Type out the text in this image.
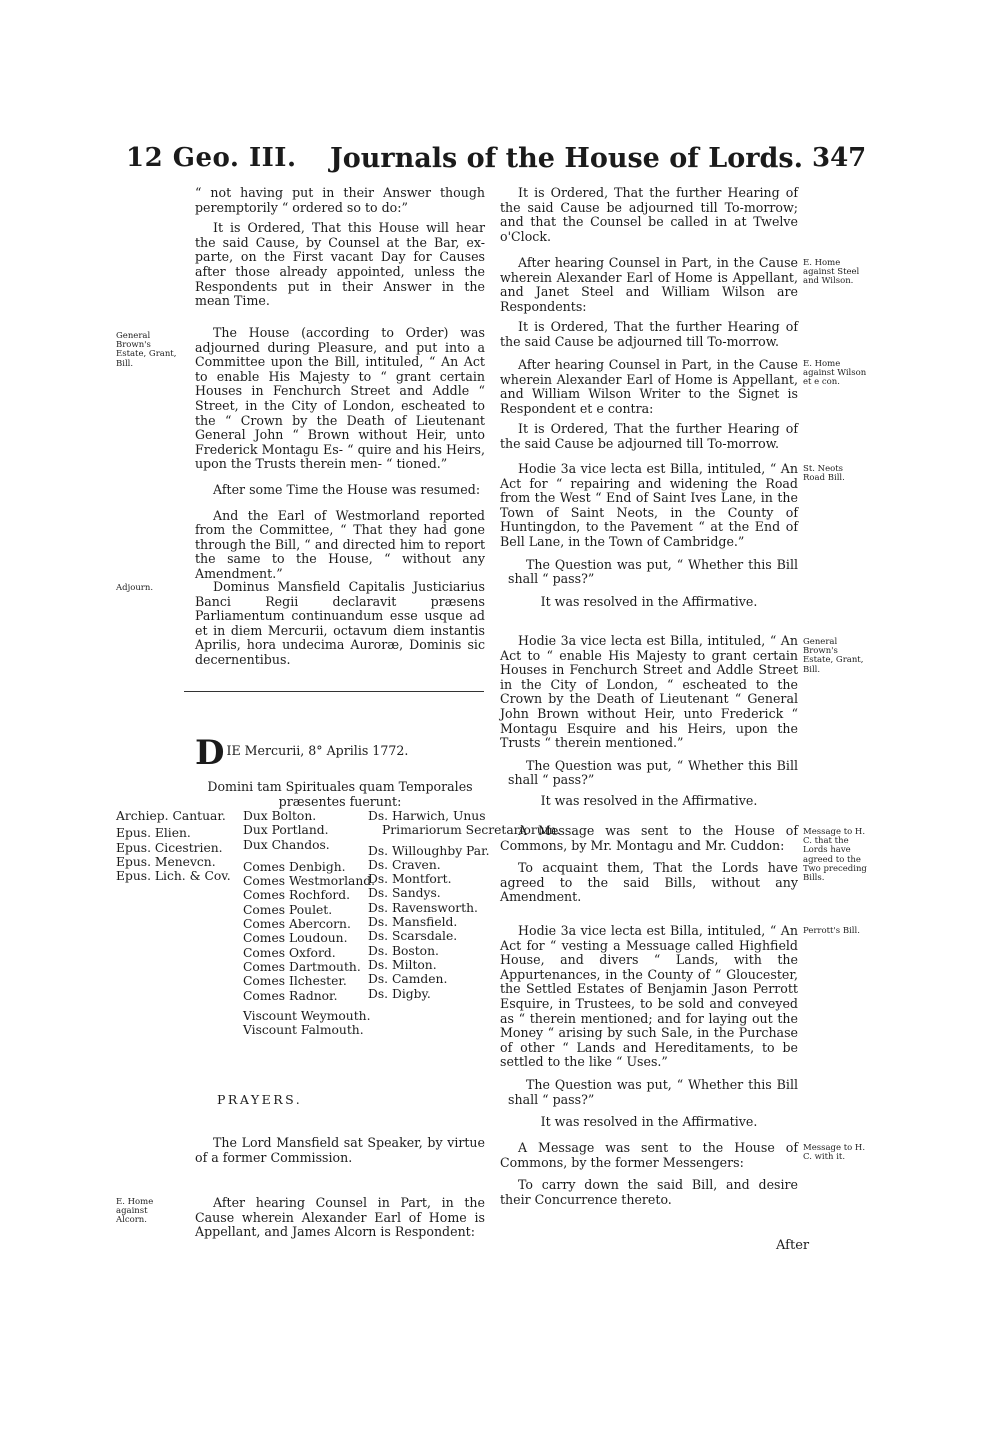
12 Geo. III. Journals of the House of Lords. 347

“ not having put in their Answer though peremptorily “ ordered so to do:”

It is Ordered, That this House will hear the said Cause, by Counsel at the Bar, ex-parte, on the First vacant Day for Causes after those already appointed, unless the Respondents put in their Answer in the mean Time.

The House (according to Order) was adjourned during Pleasure, and put into a Committee upon the Bill, intituled, “ An Act to enable His Majesty to “ grant certain Houses in Fenchurch Street and Addle “ Street, in the City of London, escheated to the “ Crown by the Death of Lieutenant General John “ Brown without Heir, unto Frederick Montagu Es- “ quire and his Heirs, upon the Trusts therein men- “ tioned.”

After some Time the House was resumed:

And the Earl of Westmorland reported from the Committee, “ That they had gone through the Bill, “ and directed him to report the same to the House, “ without any Amendment.”

Dominus Mansfield Capitalis Justiciarius Banci Regii declaravit præsens Parliamentum continuandum esse usque ad et in diem Mercurii, octavum diem instantis Aprilis, hora undecima Auroræ, Dominis sic decernentibus.

D IE Mercurii, 8° Aprilis 1772.

Domini tam Spirituales quam Temporales præsentes fuerunt:

Archiep. Cantuar.
Epus. Elien.
Epus. Cicestrien.
Epus. Menevcn.
Epus. Lich. & Cov.
Dux Bolton.
Dux Portland.
Dux Chandos.
Comes Denbigh.
Comes Westmorland.
Comes Rochford.
Comes Poulet.
Comes Abercorn.
Comes Loudoun.
Comes Oxford.
Comes Dartmouth.
Comes Ilchester.
Comes Radnor.
Viscount Weymouth.
Viscount Falmouth.
Ds. Harwich, Unus
Primariorum Secretariorum.
Ds. Willoughby Par.
Ds. Craven.
Ds. Montfort.
Ds. Sandys.
Ds. Ravensworth.
Ds. Mansfield.
Ds. Scarsdale.
Ds. Boston.
Ds. Milton.
Ds. Camden.
Ds. Digby.
PRAYERS.

The Lord Mansfield sat Speaker, by virtue of a former Commission.

After hearing Counsel in Part, in the Cause wherein Alexander Earl of Home is Appellant, and James Alcorn is Respondent:

It is Ordered, That the further Hearing of the said Cause be adjourned till To-morrow; and that the Counsel be called in at Twelve o'Clock.

After hearing Counsel in Part, in the Cause wherein Alexander Earl of Home is Appellant, and Janet Steel and William Wilson are Respondents:

It is Ordered, That the further Hearing of the said Cause be adjourned till To-morrow.

After hearing Counsel in Part, in the Cause wherein Alexander Earl of Home is Appellant, and William Wilson Writer to the Signet is Respondent et e contra:

It is Ordered, That the further Hearing of the said Cause be adjourned till To-morrow.

Hodie 3a vice lecta est Billa, intituled, “ An Act for “ repairing and widening the Road from the West “ End of Saint Ives Lane, in the Town of Saint Neots, in the County of Huntingdon, to the Pavement “ at the End of Bell Lane, in the Town of Cambridge.”

The Question was put, “ Whether this Bill shall “ pass?”

It was resolved in the Affirmative.

Hodie 3a vice lecta est Billa, intituled, “ An Act to “ enable His Majesty to grant certain Houses in Fenchurch Street and Addle Street in the City of London, “ escheated to the Crown by the Death of Lieutenant “ General John Brown without Heir, unto Frederick “ Montagu Esquire and his Heirs, upon the Trusts “ therein mentioned.”

The Question was put, “ Whether this Bill shall “ pass?”

It was resolved in the Affirmative.

A Message was sent to the House of Commons, by Mr. Montagu and Mr. Cuddon:

To acquaint them, That the Lords have agreed to the said Bills, without any Amendment.

Hodie 3a vice lecta est Billa, intituled, “ An Act for “ vesting a Messuage called Highfield House, and divers “ Lands, with the Appurtenances, in the County of “ Gloucester, the Settled Estates of Benjamin Jason Perrott Esquire, in Trustees, to be sold and conveyed as “ therein mentioned; and for laying out the Money “ arising by such Sale, in the Purchase of other “ Lands and Hereditaments, to be settled to the like “ Uses.”

The Question was put, “ Whether this Bill shall “ pass?”

It was resolved in the Affirmative.

A Message was sent to the House of Commons, by the former Messengers:

To carry down the said Bill, and desire their Concurrence thereto.

After
General Brown's Estate, Grant, Bill.
Adjourn.
E. Home against Alcorn.
E. Home against Steel and Wilson.
E. Home against Wilson et e con.
St. Neots Road Bill.
General Brown's Estate, Grant, Bill.
Message to H. C. that the Lords have agreed to the Two preceding Bills.
Perrott's Bill.
Message to H. C. with it.
